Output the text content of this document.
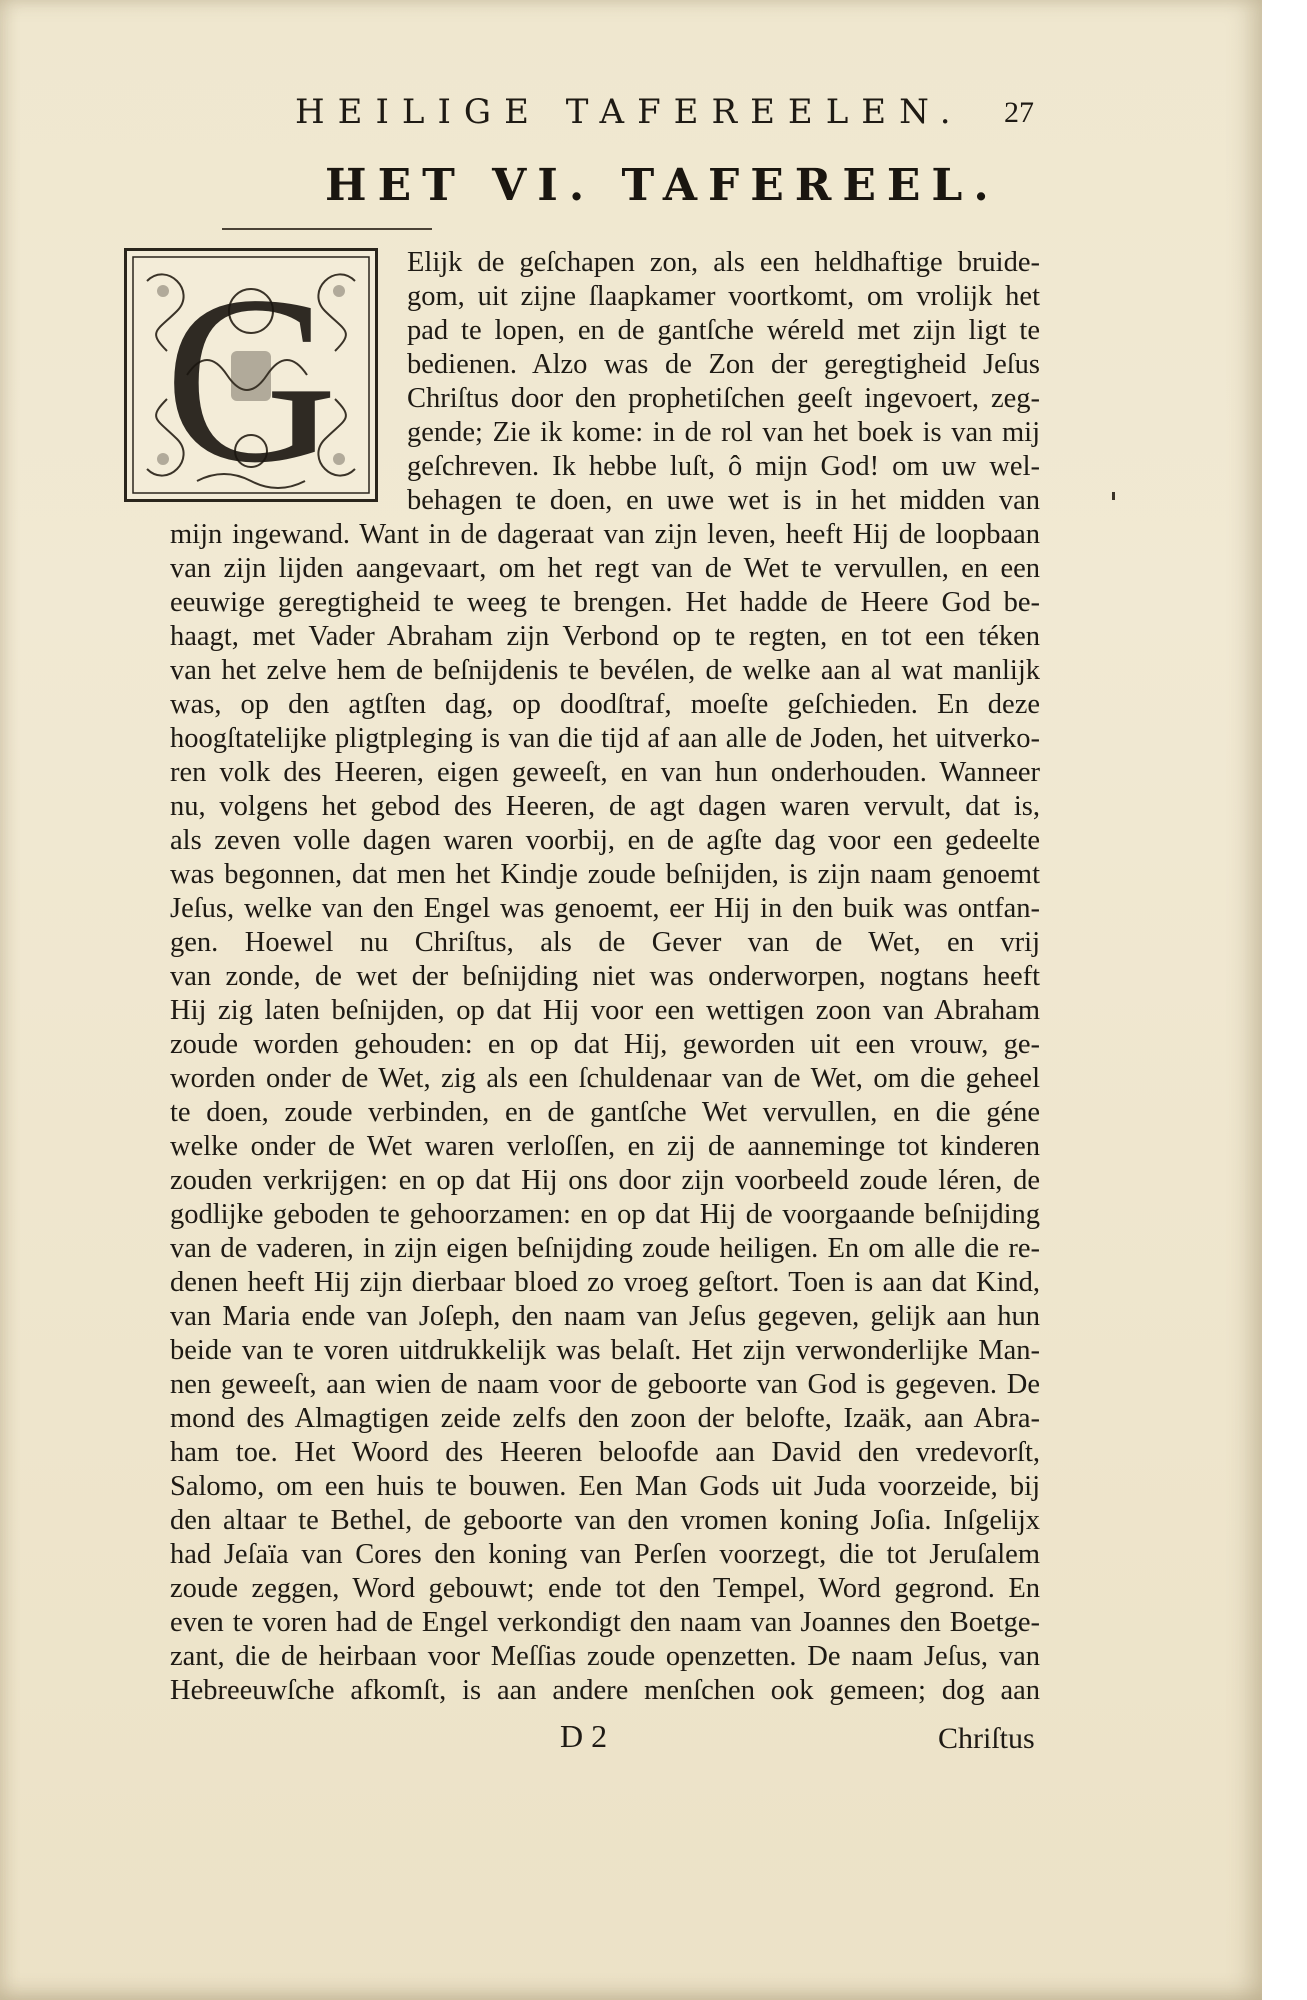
HEILIGE TAFEREELEN.	27
HET VI. TAFEREEL.
G	Elijk de geſchapen zon, als een heldhaftige bruide-
gom, uit zijne ſlaapkamer voortkomt, om vrolijk het
pad te lopen, en de gantſche wéreld met zijn ligt te
bedienen. Alzo was de Zon der geregtigheid Jeſus
Chriſtus door den prophetiſchen geeſt ingevoert, zeg-
gende; Zie ik kome: in de rol van het boek is van mij
geſchreven. Ik hebbe luſt, ô mijn God! om uw wel-
behagen te doen, en uwe wet is in het midden van
mijn ingewand. Want in de dageraat van zijn leven, heeft Hij de loopbaan
van zijn lijden aangevaart, om het regt van de Wet te vervullen, en een
eeuwige geregtigheid te weeg te brengen. Het hadde de Heere God be-
haagt, met Vader Abraham zijn Verbond op te regten, en tot een téken
van het zelve hem de beſnijdenis te bevélen, de welke aan al wat manlijk
was, op den agtſten dag, op doodſtraf, moeſte geſchieden. En deze
hoogſtatelijke pligtpleging is van die tijd af aan alle de Joden, het uitverko-
ren volk des Heeren, eigen geweeſt, en van hun onderhouden. Wanneer
nu, volgens het gebod des Heeren, de agt dagen waren vervult, dat is,
als zeven volle dagen waren voorbij, en de agſte dag voor een gedeelte
was begonnen, dat men het Kindje zoude beſnijden, is zijn naam genoemt
Jeſus, welke van den Engel was genoemt, eer Hij in den buik was ontfan-
gen. Hoewel nu Chriſtus, als de Gever van de Wet, en vrij
van zonde, de wet der beſnijding niet was onderworpen, nogtans heeft
Hij zig laten beſnijden, op dat Hij voor een wettigen zoon van Abraham
zoude worden gehouden: en op dat Hij, geworden uit een vrouw, ge-
worden onder de Wet, zig als een ſchuldenaar van de Wet, om die geheel
te doen, zoude verbinden, en de gantſche Wet vervullen, en die géne
welke onder de Wet waren verloſſen, en zij de aanneminge tot kinderen
zouden verkrijgen: en op dat Hij ons door zijn voorbeeld zoude léren, de
godlijke geboden te gehoorzamen: en op dat Hij de voorgaande beſnijding
van de vaderen, in zijn eigen beſnijding zoude heiligen. En om alle die re-
denen heeft Hij zijn dierbaar bloed zo vroeg geſtort. Toen is aan dat Kind,
van Maria ende van Joſeph, den naam van Jeſus gegeven, gelijk aan hun
beide van te voren uitdrukkelijk was belaſt. Het zijn verwonderlijke Man-
nen geweeſt, aan wien de naam voor de geboorte van God is gegeven. De
mond des Almagtigen zeide zelfs den zoon der belofte, Izaäk, aan Abra-
ham toe. Het Woord des Heeren beloofde aan David den vredevorſt,
Salomo, om een huis te bouwen. Een Man Gods uit Juda voorzeide, bij
den altaar te Bethel, de geboorte van den vromen koning Joſia. Inſgelijx
had Jeſaïa van Cores den koning van Perſen voorzegt, die tot Jeruſalem
zoude zeggen, Word gebouwt; ende tot den Tempel, Word gegrond. En
even te voren had de Engel verkondigt den naam van Joannes den Boetge-
zant, die de heirbaan voor Meſſias zoude openzetten. De naam Jeſus, van
Hebreeuwſche afkomſt, is aan andere menſchen ook gemeen; dog aan
D 2	Chriſtus
